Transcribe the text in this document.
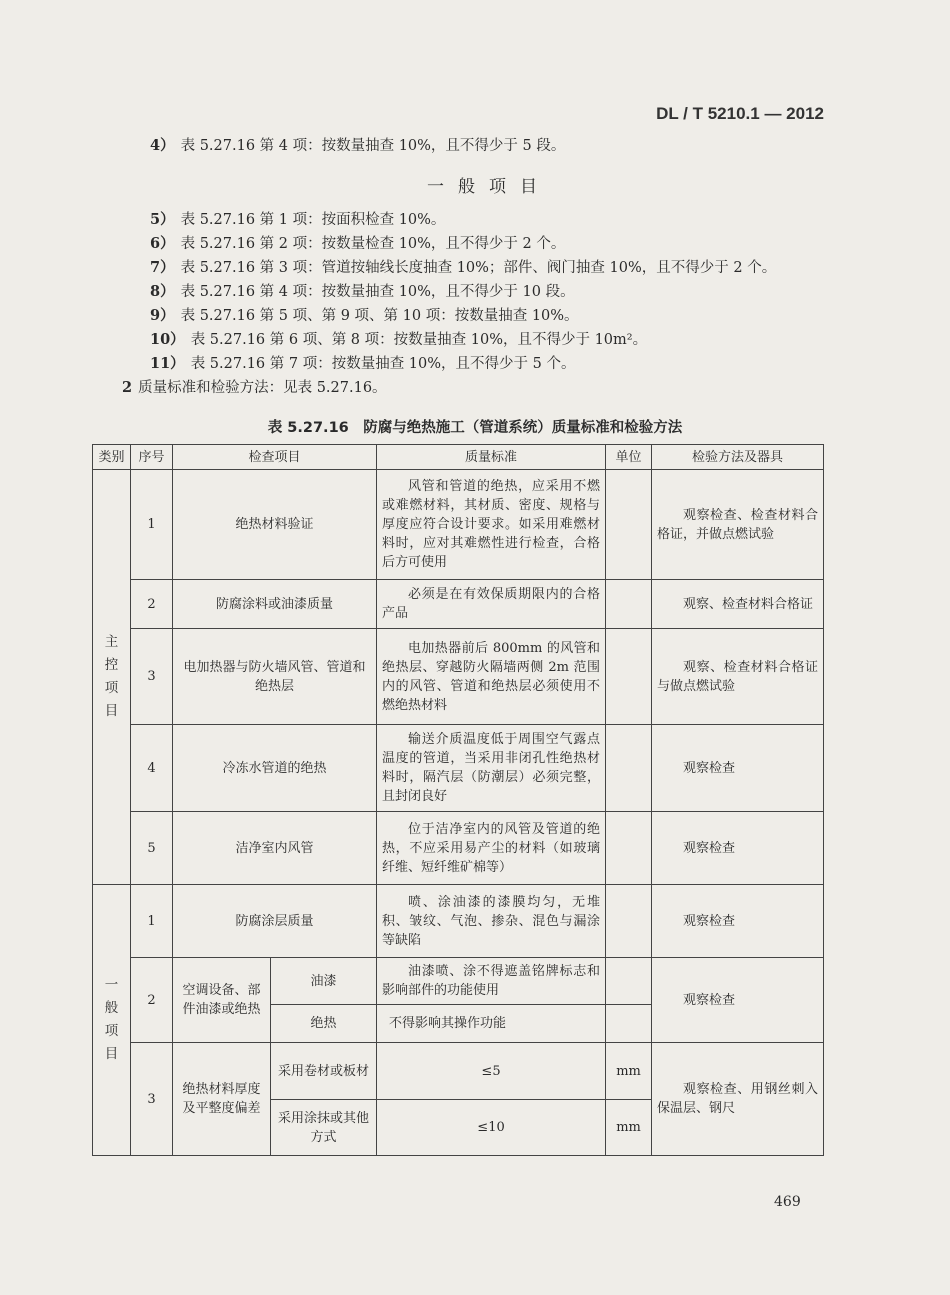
DL / T 5210.1 — 2012
4） 表 5.27.16 第 4 项：按数量抽查 10%，且不得少于 5 段。
一般项目
5） 表 5.27.16 第 1 项：按面积检查 10%。
6） 表 5.27.16 第 2 项：按数量检查 10%，且不得少于 2 个。
7） 表 5.27.16 第 3 项：管道按轴线长度抽查 10%；部件、阀门抽查 10%，且不得少于 2 个。
8） 表 5.27.16 第 4 项：按数量抽查 10%，且不得少于 10 段。
9） 表 5.27.16 第 5 项、第 9 项、第 10 项：按数量抽查 10%。
10） 表 5.27.16 第 6 项、第 8 项：按数量抽查 10%，且不得少于 10m²。
11） 表 5.27.16 第 7 项：按数量抽查 10%，且不得少于 5 个。
2 质量标准和检验方法：见表 5.27.16。
表 5.27.16　防腐与绝热施工（管道系统）质量标准和检验方法
类别	序号	检查项目		质量标准	单位	检验方法及器具

主
控
项
目	1	绝热材料验证		风管和管道的绝热，应采用不燃或难燃材料，其材质、密度、规格与厚度应符合设计要求。如采用难燃材料时，应对其难燃性进行检查，合格后方可使用		观察检查、检查材料合格证，并做点燃试验
	2	防腐涂料或油漆质量		必须是在有效保质期限内的合格产品		观察、检查材料合格证
	3	电加热器与防火墙风管、管道和绝热层		电加热器前后 800mm 的风管和绝热层、穿越防火隔墙两侧 2m 范围内的风管、管道和绝热层必须使用不燃绝热材料		观察、检查材料合格证与做点燃试验
	4	冷冻水管道的绝热		输送介质温度低于周围空气露点温度的管道，当采用非闭孔性绝热材料时，隔汽层（防潮层）必须完整，且封闭良好		观察检查
	5	洁净室内风管		位于洁净室内的风管及管道的绝热，不应采用易产尘的材料（如玻璃纤维、短纤维矿棉等）		观察检查

一
般
项
目	1	防腐涂层质量		喷、涂油漆的漆膜均匀，无堆积、皱纹、气泡、掺杂、混色与漏涂等缺陷		观察检查
	2	空调设备、部件油漆或绝热	油漆	油漆喷、涂不得遮盖铭牌标志和影响部件的功能使用		观察检查
			绝热	不得影响其操作功能		
	3	绝热材料厚度及平整度偏差	采用卷材或板材	≤5	mm	观察检查、用钢丝刺入保温层、钢尺
			采用涂抹或其他方式	≤10	mm	
469
